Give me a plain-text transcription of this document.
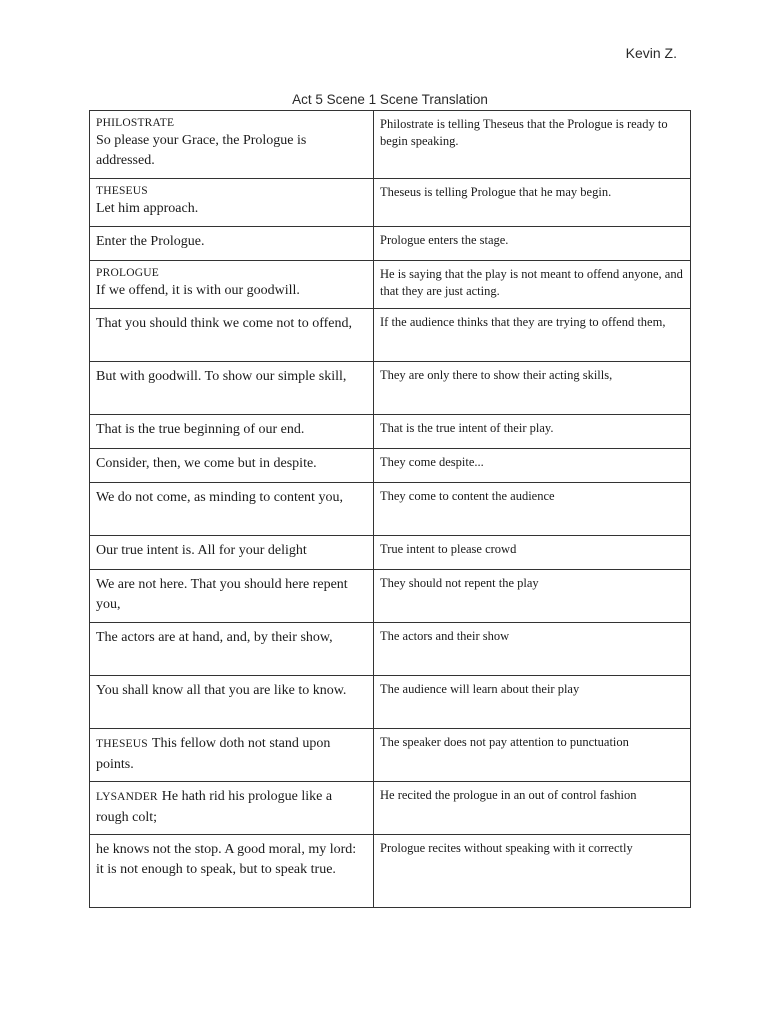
Kevin Z.
Act 5 Scene 1 Scene Translation
PHILOSTRATE
So please your Grace, the Prologue is addressed.	Philostrate is telling Theseus that the Prologue is ready to begin speaking.

THESEUS
Let him approach.	Theseus is telling Prologue that he may begin.
Enter the Prologue.	Prologue enters the stage.

PROLOGUE
If we offend, it is with our goodwill.	He is saying that the play is not meant to offend anyone, and that they are just acting.
That you should think we come not to offend,	If the audience thinks that they are trying to offend them,
But with goodwill. To show our simple skill,	They are only there to show their acting skills,
That is the true beginning of our end.	That is the true intent of their play.
Consider, then, we come but in despite.	They come despite...
We do not come, as minding to content you,	They come to content the audience
Our true intent is. All for your delight	True intent to please crowd
We are not here. That you should here repent you,	They should not repent the play
The actors are at hand, and, by their show,	The actors and their show
You shall know all that you are like to know.	The audience will learn about their play
THESEUS This fellow doth not stand upon points.	The speaker does not pay attention to punctuation
LYSANDER He hath rid his prologue like a rough colt;	He recited the prologue in an out of control fashion
he knows not the stop. A good moral, my lord: it is not enough to speak, but to speak true.	Prologue recites without speaking with it correctly
